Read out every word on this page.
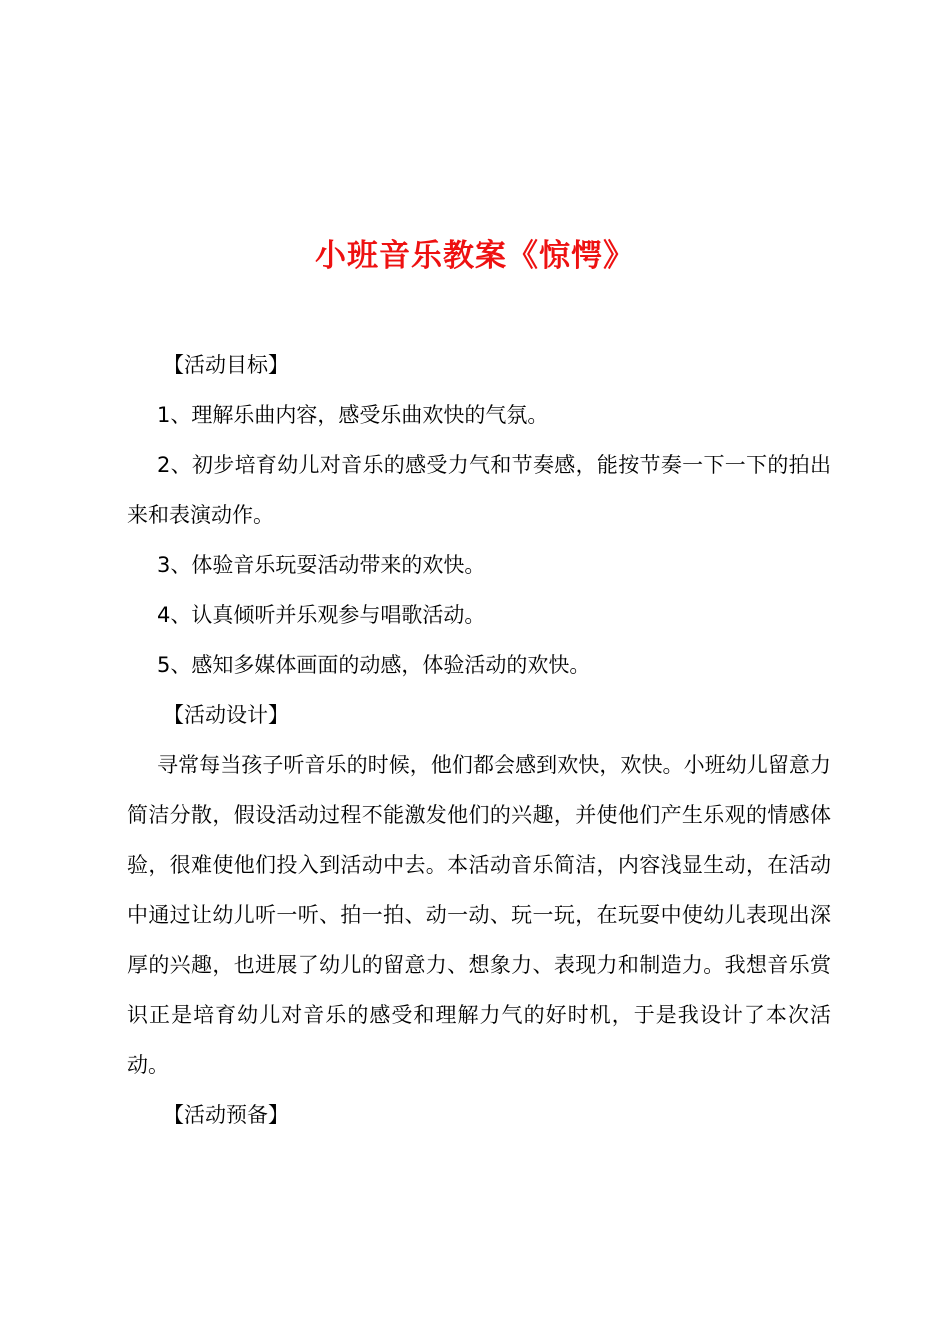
小班音乐教案《惊愕》

【活动目标】

1、理解乐曲内容，感受乐曲欢快的气氛。

2、初步培育幼儿对音乐的感受力气和节奏感，能按节奏一下一下的拍出来和表演动作。

3、体验音乐玩耍活动带来的欢快。

4、认真倾听并乐观参与唱歌活动。

5、感知多媒体画面的动感，体验活动的欢快。

【活动设计】

寻常每当孩子听音乐的时候，他们都会感到欢快，欢快。小班幼儿留意力简洁分散，假设活动过程不能激发他们的兴趣，并使他们产生乐观的情感体验，很难使他们投入到活动中去。本活动音乐简洁，内容浅显生动，在活动中通过让幼儿听一听、拍一拍、动一动、玩一玩，在玩耍中使幼儿表现出深厚的兴趣，也进展了幼儿的留意力、想象力、表现力和制造力。我想音乐赏识正是培育幼儿对音乐的感受和理解力气的好时机，于是我设计了本次活动。

【活动预备】
